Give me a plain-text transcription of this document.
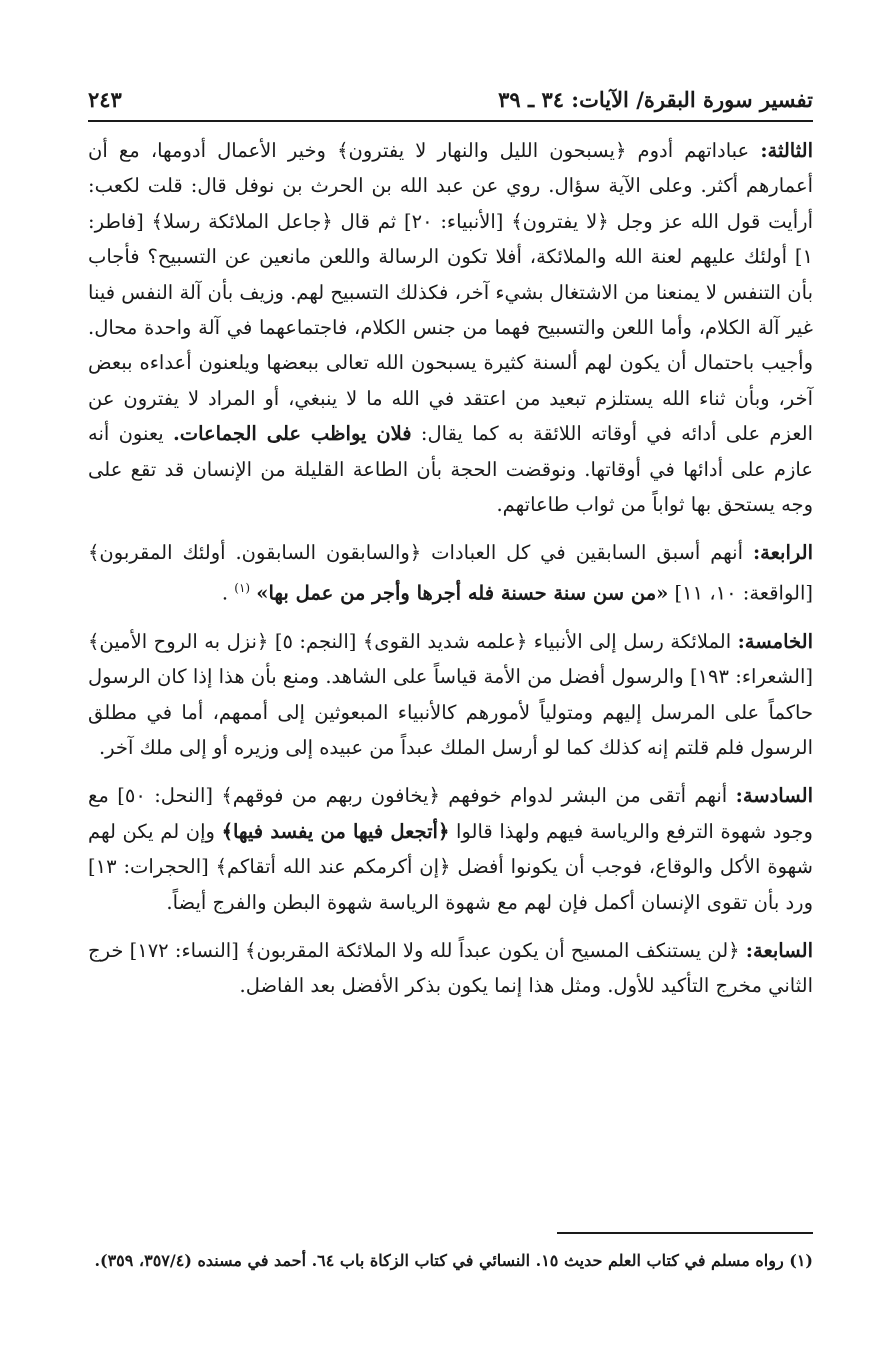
تفسير سورة البقرة/ الآيات: ٣٤ ـ ٣٩
٢٤٣

الثالثة: عباداتهم أدوم ﴿يسبحون الليل والنهار لا يفترون﴾ وخير الأعمال أدومها، مع أن أعمارهم أكثر. وعلى الآية سؤال. روي عن عبد الله بن الحرث بن نوفل قال: قلت لكعب: أرأيت قول الله عز وجل ﴿لا يفترون﴾ [الأنبياء: ٢٠] ثم قال ﴿جاعل الملائكة رسلا﴾ [فاطر: ١] أولئك عليهم لعنة الله والملائكة، أفلا تكون الرسالة واللعن مانعين عن التسبيح؟ فأجاب بأن التنفس لا يمنعنا من الاشتغال بشيء آخر، فكذلك التسبيح لهم. وزيف بأن آلة النفس فينا غير آلة الكلام، وأما اللعن والتسبيح فهما من جنس الكلام، فاجتماعهما في آلة واحدة محال. وأجيب باحتمال أن يكون لهم ألسنة كثيرة يسبحون الله تعالى ببعضها ويلعنون أعداءه ببعض آخر، وبأن ثناء الله يستلزم تبعيد من اعتقد في الله ما لا ينبغي، أو المراد لا يفترون عن العزم على أدائه في أوقاته اللائقة به كما يقال: فلان يواظب على الجماعات. يعنون أنه عازم على أدائها في أوقاتها. ونوقضت الحجة بأن الطاعة القليلة من الإنسان قد تقع على وجه يستحق بها ثواباً من ثواب طاعاتهم.

الرابعة: أنهم أسبق السابقين في كل العبادات ﴿والسابقون السابقون. أولئك المقربون﴾ [الواقعة: ١٠، ١١] «من سن سنة حسنة فله أجرها وأجر من عمل بها» $^{(١)}$ .

الخامسة: الملائكة رسل إلى الأنبياء ﴿علمه شديد القوى﴾ [النجم: ٥] ﴿نزل به الروح الأمين﴾ [الشعراء: ١٩٣] والرسول أفضل من الأمة قياساً على الشاهد. ومنع بأن هذا إذا كان الرسول حاكماً على المرسل إليهم ومتولياً لأمورهم كالأنبياء المبعوثين إلى أممهم، أما في مطلق الرسول فلم قلتم إنه كذلك كما لو أرسل الملك عبداً من عبيده إلى وزيره أو إلى ملك آخر.

السادسة: أنهم أتقى من البشر لدوام خوفهم ﴿يخافون ربهم من فوقهم﴾ [النحل: ٥٠] مع وجود شهوة الترفع والرياسة فيهم ولهذا قالوا ﴿أتجعل فيها من يفسد فيها﴾ وإن لم يكن لهم شهوة الأكل والوقاع، فوجب أن يكونوا أفضل ﴿إن أكرمكم عند الله أتقاكم﴾ [الحجرات: ١٣] ورد بأن تقوى الإنسان أكمل فإن لهم مع شهوة الرياسة شهوة البطن والفرج أيضاً.

السابعة: ﴿لن يستنكف المسيح أن يكون عبداً لله ولا الملائكة المقربون﴾ [النساء: ١٧٢] خرج الثاني مخرج التأكيد للأول. ومثل هذا إنما يكون بذكر الأفضل بعد الفاضل.

(١) رواه مسلم في كتاب العلم حديث ١٥. النسائي في كتاب الزكاة باب ٦٤. أحمد في مسنده (٣٥٧/٤، ٣٥٩).
